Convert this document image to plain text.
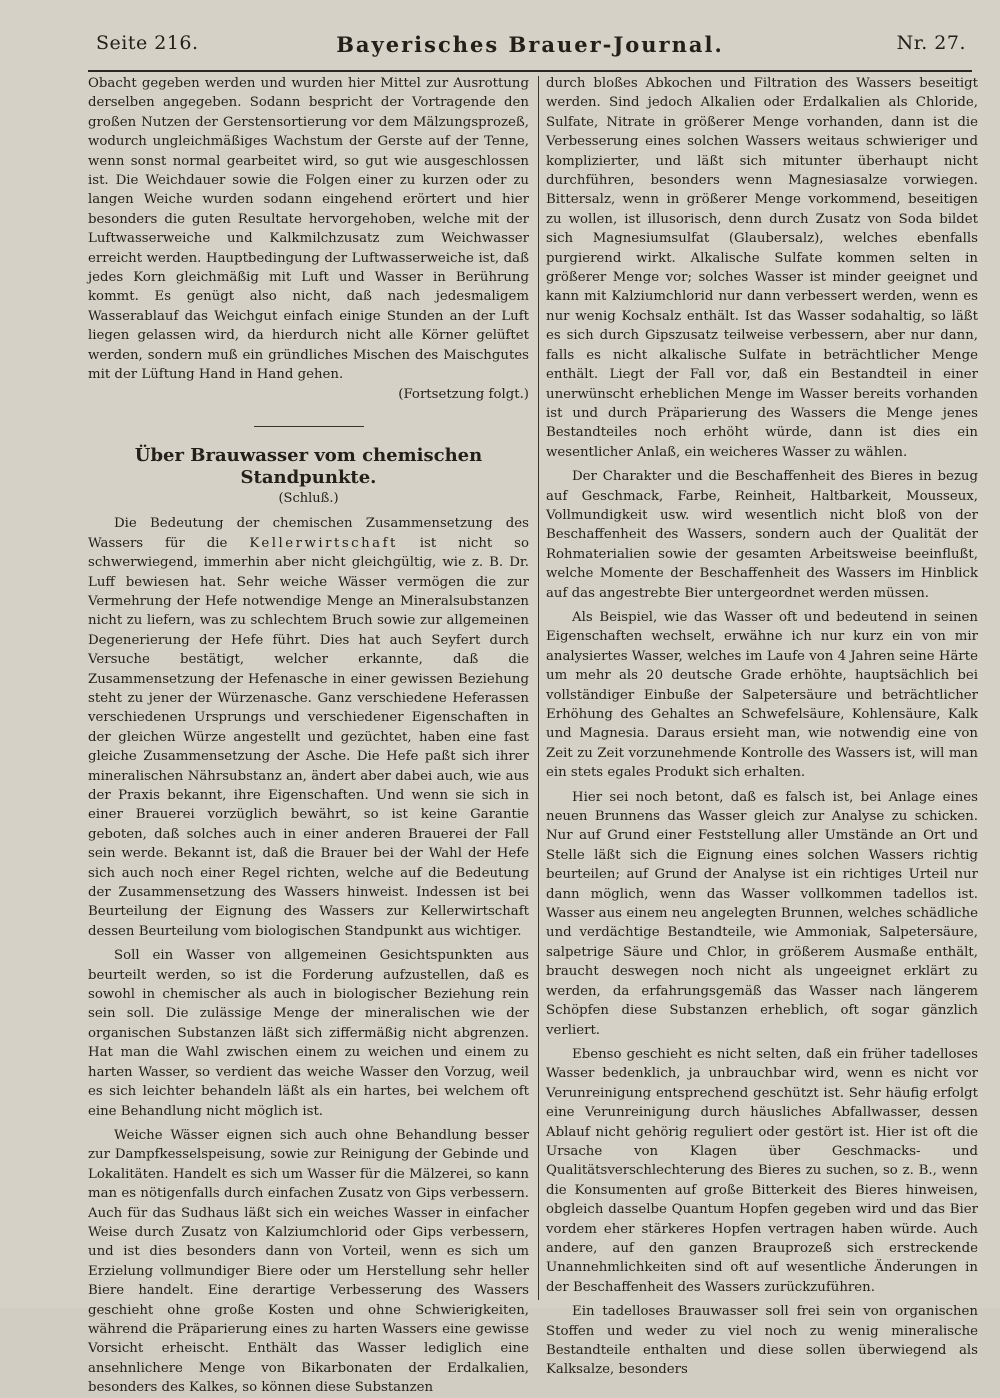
Seite 216.	Bayerisches Brauer-Journal.	Nr. 27.

Obacht gegeben werden und wurden hier Mittel zur Ausrottung derselben angegeben. Sodann bespricht der Vortragende den großen Nutzen der Gerstensortierung vor dem Mälzungsprozeß, wodurch ungleichmäßiges Wachstum der Gerste auf der Tenne, wenn sonst normal gearbeitet wird, so gut wie ausgeschlossen ist. Die Weichdauer sowie die Folgen einer zu kurzen oder zu langen Weiche wurden sodann eingehend erörtert und hier besonders die guten Resultate hervorgehoben, welche mit der Luftwasserweiche und Kalkmilchzusatz zum Weichwasser erreicht werden. Hauptbedingung der Luftwasserweiche ist, daß jedes Korn gleichmäßig mit Luft und Wasser in Berührung kommt. Es genügt also nicht, daß nach jedesmaligem Wasserablauf das Weichgut einfach einige Stunden an der Luft liegen gelassen wird, da hierdurch nicht alle Körner gelüftet werden, sondern muß ein gründliches Mischen des Maischgutes mit der Lüftung Hand in Hand gehen.

(Fortsetzung folgt.)

Über Brauwasser vom chemischen Standpunkte.
(Schluß.)

Die Bedeutung der chemischen Zusammensetzung des Wassers für die Kellerwirtschaft ist nicht so schwerwiegend, immerhin aber nicht gleichgültig, wie z. B. Dr. Luff bewiesen hat. Sehr weiche Wässer vermögen die zur Vermehrung der Hefe notwendige Menge an Mineralsubstanzen nicht zu liefern, was zu schlechtem Bruch sowie zur allgemeinen Degenerierung der Hefe führt. Dies hat auch Seyfert durch Versuche bestätigt, welcher erkannte, daß die Zusammensetzung der Hefenasche in einer gewissen Beziehung steht zu jener der Würzenasche. Ganz verschiedene Heferassen verschiedenen Ursprungs und verschiedener Eigenschaften in der gleichen Würze angestellt und gezüchtet, haben eine fast gleiche Zusammensetzung der Asche. Die Hefe paßt sich ihrer mineralischen Nährsubstanz an, ändert aber dabei auch, wie aus der Praxis bekannt, ihre Eigenschaften. Und wenn sie sich in einer Brauerei vorzüglich bewährt, so ist keine Garantie geboten, daß solches auch in einer anderen Brauerei der Fall sein werde. Bekannt ist, daß die Brauer bei der Wahl der Hefe sich auch noch einer Regel richten, welche auf die Bedeutung der Zusammensetzung des Wassers hinweist. Indessen ist bei Beurteilung der Eignung des Wassers zur Kellerwirtschaft dessen Beurteilung vom biologischen Standpunkt aus wichtiger.

Soll ein Wasser von allgemeinen Gesichtspunkten aus beurteilt werden, so ist die Forderung aufzustellen, daß es sowohl in chemischer als auch in biologischer Beziehung rein sein soll. Die zulässige Menge der mineralischen wie der organischen Substanzen läßt sich ziffermäßig nicht abgrenzen. Hat man die Wahl zwischen einem zu weichen und einem zu harten Wasser, so verdient das weiche Wasser den Vorzug, weil es sich leichter behandeln läßt als ein hartes, bei welchem oft eine Behandlung nicht möglich ist.

Weiche Wässer eignen sich auch ohne Behandlung besser zur Dampfkesselspeisung, sowie zur Reinigung der Gebinde und Lokalitäten. Handelt es sich um Wasser für die Mälzerei, so kann man es nötigenfalls durch einfachen Zusatz von Gips verbessern. Auch für das Sudhaus läßt sich ein weiches Wasser in einfacher Weise durch Zusatz von Kalziumchlorid oder Gips verbessern, und ist dies besonders dann von Vorteil, wenn es sich um Erzielung vollmundiger Biere oder um Herstellung sehr heller Biere handelt. Eine derartige Verbesserung des Wassers geschieht ohne große Kosten und ohne Schwierigkeiten, während die Präparierung eines zu harten Wassers eine gewisse Vorsicht erheischt. Enthält das Wasser lediglich eine ansehnlichere Menge von Bikarbonaten der Erdalkalien, besonders des Kalkes, so können diese Substanzen

durch bloßes Abkochen und Filtration des Wassers beseitigt werden. Sind jedoch Alkalien oder Erdalkalien als Chloride, Sulfate, Nitrate in größerer Menge vorhanden, dann ist die Verbesserung eines solchen Wassers weitaus schwieriger und komplizierter, und läßt sich mitunter überhaupt nicht durchführen, besonders wenn Magnesiasalze vorwiegen. Bittersalz, wenn in größerer Menge vorkommend, beseitigen zu wollen, ist illusorisch, denn durch Zusatz von Soda bildet sich Magnesiumsulfat (Glaubersalz), welches ebenfalls purgierend wirkt. Alkalische Sulfate kommen selten in größerer Menge vor; solches Wasser ist minder geeignet und kann mit Kalziumchlorid nur dann verbessert werden, wenn es nur wenig Kochsalz enthält. Ist das Wasser sodahaltig, so läßt es sich durch Gipszusatz teilweise verbessern, aber nur dann, falls es nicht alkalische Sulfate in beträchtlicher Menge enthält. Liegt der Fall vor, daß ein Bestandteil in einer unerwünscht erheblichen Menge im Wasser bereits vorhanden ist und durch Präparierung des Wassers die Menge jenes Bestandteiles noch erhöht würde, dann ist dies ein wesentlicher Anlaß, ein weicheres Wasser zu wählen.

Der Charakter und die Beschaffenheit des Bieres in bezug auf Geschmack, Farbe, Reinheit, Haltbarkeit, Mousseux, Vollmundigkeit usw. wird wesentlich nicht bloß von der Beschaffenheit des Wassers, sondern auch der Qualität der Rohmaterialien sowie der gesamten Arbeitsweise beeinflußt, welche Momente der Beschaffenheit des Wassers im Hinblick auf das angestrebte Bier untergeordnet werden müssen.

Als Beispiel, wie das Wasser oft und bedeutend in seinen Eigenschaften wechselt, erwähne ich nur kurz ein von mir analysiertes Wasser, welches im Laufe von 4 Jahren seine Härte um mehr als 20 deutsche Grade erhöhte, hauptsächlich bei vollständiger Einbuße der Salpetersäure und beträchtlicher Erhöhung des Gehaltes an Schwefelsäure, Kohlensäure, Kalk und Magnesia. Daraus ersieht man, wie notwendig eine von Zeit zu Zeit vorzunehmende Kontrolle des Wassers ist, will man ein stets egales Produkt sich erhalten.

Hier sei noch betont, daß es falsch ist, bei Anlage eines neuen Brunnens das Wasser gleich zur Analyse zu schicken. Nur auf Grund einer Feststellung aller Umstände an Ort und Stelle läßt sich die Eignung eines solchen Wassers richtig beurteilen; auf Grund der Analyse ist ein richtiges Urteil nur dann möglich, wenn das Wasser vollkommen tadellos ist. Wasser aus einem neu angelegten Brunnen, welches schädliche und verdächtige Bestandteile, wie Ammoniak, Salpetersäure, salpetrige Säure und Chlor, in größerem Ausmaße enthält, braucht deswegen noch nicht als ungeeignet erklärt zu werden, da erfahrungsgemäß das Wasser nach längerem Schöpfen diese Substanzen erheblich, oft sogar gänzlich verliert.

Ebenso geschieht es nicht selten, daß ein früher tadelloses Wasser bedenklich, ja unbrauchbar wird, wenn es nicht vor Verunreinigung entsprechend geschützt ist. Sehr häufig erfolgt eine Verunreinigung durch häusliches Abfallwasser, dessen Ablauf nicht gehörig reguliert oder gestört ist. Hier ist oft die Ursache von Klagen über Geschmacks- und Qualitätsverschlechterung des Bieres zu suchen, so z. B., wenn die Konsumenten auf große Bitterkeit des Bieres hinweisen, obgleich dasselbe Quantum Hopfen gegeben wird und das Bier vordem eher stärkeres Hopfen vertragen haben würde. Auch andere, auf den ganzen Brauprozeß sich erstreckende Unannehmlichkeiten sind oft auf wesentliche Änderungen in der Beschaffenheit des Wassers zurückzuführen.

Ein tadelloses Brauwasser soll frei sein von organischen Stoffen und weder zu viel noch zu wenig mineralische Bestandteile enthalten und diese sollen überwiegend als Kalksalze, besonders
